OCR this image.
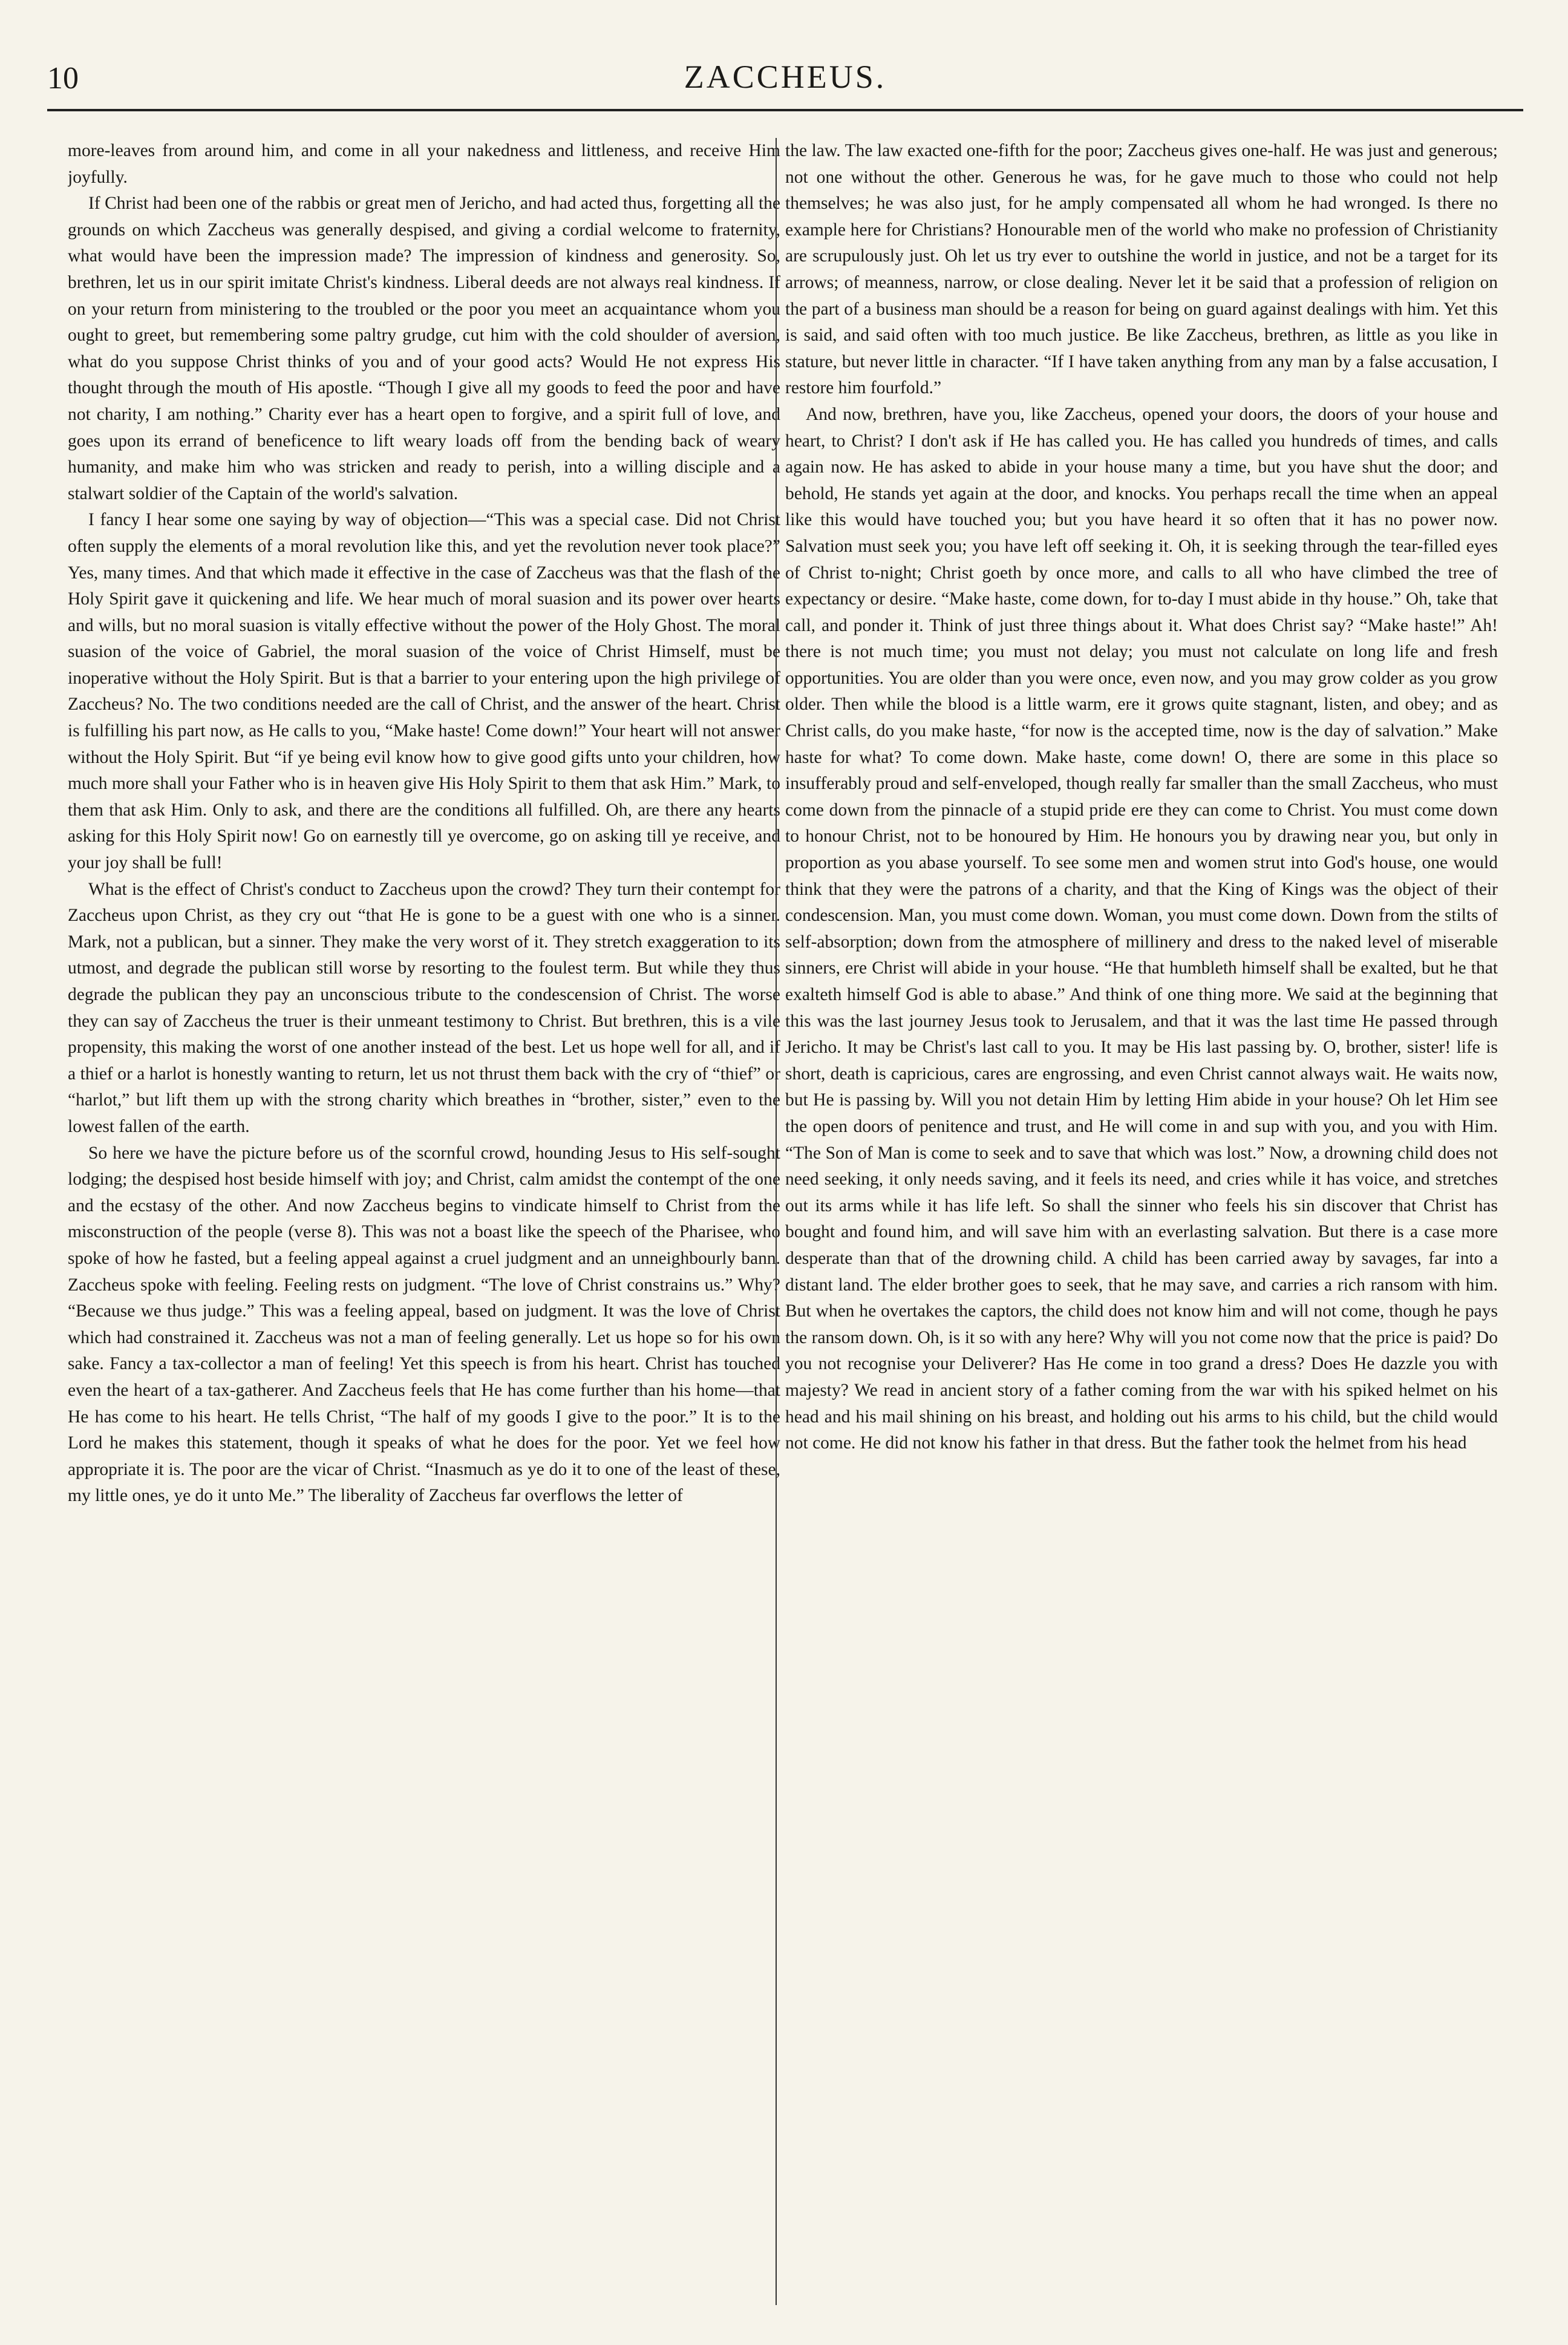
10	ZACCHEUS.

more-leaves from around him, and come in all your nakedness and littleness, and receive Him joyfully.

If Christ had been one of the rabbis or great men of Jericho, and had acted thus, forgetting all the grounds on which Zaccheus was generally despised, and giving a cordial welcome to fraternity, what would have been the impression made? The impression of kindness and generosity. So, brethren, let us in our spirit imitate Christ's kindness. Liberal deeds are not always real kindness. If on your return from ministering to the troubled or the poor you meet an acquaintance whom you ought to greet, but remembering some paltry grudge, cut him with the cold shoulder of aversion, what do you suppose Christ thinks of you and of your good acts? Would He not express His thought through the mouth of His apostle. “Though I give all my goods to feed the poor and have not charity, I am nothing.” Charity ever has a heart open to forgive, and a spirit full of love, and goes upon its errand of beneficence to lift weary loads off from the bending back of weary humanity, and make him who was stricken and ready to perish, into a willing disciple and a stalwart soldier of the Captain of the world's salvation.

I fancy I hear some one saying by way of objection—“This was a special case. Did not Christ often supply the elements of a moral revolution like this, and yet the revolution never took place?” Yes, many times. And that which made it effective in the case of Zaccheus was that the flash of the Holy Spirit gave it quickening and life. We hear much of moral suasion and its power over hearts and wills, but no moral suasion is vitally effective without the power of the Holy Ghost. The moral suasion of the voice of Gabriel, the moral suasion of the voice of Christ Himself, must be inoperative without the Holy Spirit. But is that a barrier to your entering upon the high privilege of Zaccheus? No. The two conditions needed are the call of Christ, and the answer of the heart. Christ is fulfilling his part now, as He calls to you, “Make haste! Come down!” Your heart will not answer without the Holy Spirit. But “if ye being evil know how to give good gifts unto your children, how much more shall your Father who is in heaven give His Holy Spirit to them that ask Him.” Mark, to them that ask Him. Only to ask, and there are the conditions all fulfilled. Oh, are there any hearts asking for this Holy Spirit now! Go on earnestly till ye overcome, go on asking till ye receive, and your joy shall be full!

What is the effect of Christ's conduct to Zaccheus upon the crowd? They turn their contempt for Zaccheus upon Christ, as they cry out “that He is gone to be a guest with one who is a sinner. Mark, not a publican, but a sinner. They make the very worst of it. They stretch exaggeration to its utmost, and degrade the publican still worse by resorting to the foulest term. But while they thus degrade the publican they pay an unconscious tribute to the condescension of Christ. The worse they can say of Zaccheus the truer is their unmeant testimony to Christ. But brethren, this is a vile propensity, this making the worst of one another instead of the best. Let us hope well for all, and if a thief or a harlot is honestly wanting to return, let us not thrust them back with the cry of “thief” or “harlot,” but lift them up with the strong charity which breathes in “brother, sister,” even to the lowest fallen of the earth.

So here we have the picture before us of the scornful crowd, hounding Jesus to His self-sought lodging; the despised host beside himself with joy; and Christ, calm amidst the contempt of the one and the ecstasy of the other. And now Zaccheus begins to vindicate himself to Christ from the misconstruction of the people (verse 8). This was not a boast like the speech of the Pharisee, who spoke of how he fasted, but a feeling appeal against a cruel judgment and an unneighbourly bann. Zaccheus spoke with feeling. Feeling rests on judgment. “The love of Christ constrains us.” Why? “Because we thus judge.” This was a feeling appeal, based on judgment. It was the love of Christ which had constrained it. Zaccheus was not a man of feeling generally. Let us hope so for his own sake. Fancy a tax-collector a man of feeling! Yet this speech is from his heart. Christ has touched even the heart of a tax-gatherer. And Zaccheus feels that He has come further than his home—that He has come to his heart. He tells Christ, “The half of my goods I give to the poor.” It is to the Lord he makes this statement, though it speaks of what he does for the poor. Yet we feel how appropriate it is. The poor are the vicar of Christ. “Inasmuch as ye do it to one of the least of these, my little ones, ye do it unto Me.” The liberality of Zaccheus far overflows the letter of

the law. The law exacted one-fifth for the poor; Zaccheus gives one-half. He was just and generous; not one without the other. Generous he was, for he gave much to those who could not help themselves; he was also just, for he amply compensated all whom he had wronged. Is there no example here for Christians? Honourable men of the world who make no profession of Christianity are scrupulously just. Oh let us try ever to outshine the world in justice, and not be a target for its arrows; of meanness, narrow, or close dealing. Never let it be said that a profession of religion on the part of a business man should be a reason for being on guard against dealings with him. Yet this is said, and said often with too much justice. Be like Zaccheus, brethren, as little as you like in stature, but never little in character. “If I have taken anything from any man by a false accusation, I restore him fourfold.”

And now, brethren, have you, like Zaccheus, opened your doors, the doors of your house and heart, to Christ? I don't ask if He has called you. He has called you hundreds of times, and calls again now. He has asked to abide in your house many a time, but you have shut the door; and behold, He stands yet again at the door, and knocks. You perhaps recall the time when an appeal like this would have touched you; but you have heard it so often that it has no power now. Salvation must seek you; you have left off seeking it. Oh, it is seeking through the tear-filled eyes of Christ to-night; Christ goeth by once more, and calls to all who have climbed the tree of expectancy or desire. “Make haste, come down, for to-day I must abide in thy house.” Oh, take that call, and ponder it. Think of just three things about it. What does Christ say? “Make haste!” Ah! there is not much time; you must not delay; you must not calculate on long life and fresh opportunities. You are older than you were once, even now, and you may grow colder as you grow older. Then while the blood is a little warm, ere it grows quite stagnant, listen, and obey; and as Christ calls, do you make haste, “for now is the accepted time, now is the day of salvation.” Make haste for what? To come down. Make haste, come down! O, there are some in this place so insufferably proud and self-enveloped, though really far smaller than the small Zaccheus, who must come down from the pinnacle of a stupid pride ere they can come to Christ. You must come down to honour Christ, not to be honoured by Him. He honours you by drawing near you, but only in proportion as you abase yourself. To see some men and women strut into God's house, one would think that they were the patrons of a charity, and that the King of Kings was the object of their condescension. Man, you must come down. Woman, you must come down. Down from the stilts of self-absorption; down from the atmosphere of millinery and dress to the naked level of miserable sinners, ere Christ will abide in your house. “He that humbleth himself shall be exalted, but he that exalteth himself God is able to abase.” And think of one thing more. We said at the beginning that this was the last journey Jesus took to Jerusalem, and that it was the last time He passed through Jericho. It may be Christ's last call to you. It may be His last passing by. O, brother, sister! life is short, death is capricious, cares are engrossing, and even Christ cannot always wait. He waits now, but He is passing by. Will you not detain Him by letting Him abide in your house? Oh let Him see the open doors of penitence and trust, and He will come in and sup with you, and you with Him. “The Son of Man is come to seek and to save that which was lost.” Now, a drowning child does not need seeking, it only needs saving, and it feels its need, and cries while it has voice, and stretches out its arms while it has life left. So shall the sinner who feels his sin discover that Christ has bought and found him, and will save him with an everlasting salvation. But there is a case more desperate than that of the drowning child. A child has been carried away by savages, far into a distant land. The elder brother goes to seek, that he may save, and carries a rich ransom with him. But when he overtakes the captors, the child does not know him and will not come, though he pays the ransom down. Oh, is it so with any here? Why will you not come now that the price is paid? Do you not recognise your Deliverer? Has He come in too grand a dress? Does He dazzle you with majesty? We read in ancient story of a father coming from the war with his spiked helmet on his head and his mail shining on his breast, and holding out his arms to his child, but the child would not come. He did not know his father in that dress. But the father took the helmet from his head
